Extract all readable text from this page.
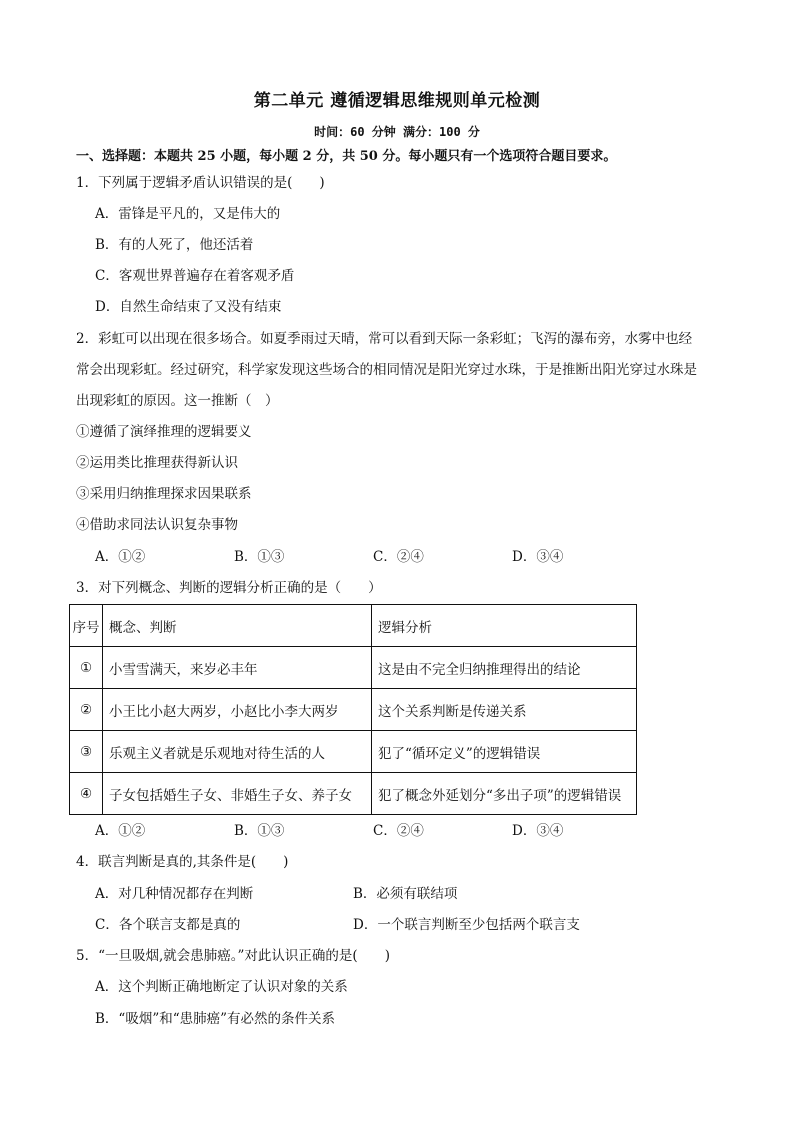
第二单元 遵循逻辑思维规则单元检测
时间：60 分钟 满分：100 分
一、选择题：本题共 25 小题，每小题 2 分，共 50 分。每小题只有一个选项符合题目要求。
1．下列属于逻辑矛盾认识错误的是(　　)
A．雷锋是平凡的，又是伟大的
B．有的人死了，他还活着
C．客观世界普遍存在着客观矛盾
D．自然生命结束了又没有结束
2．彩虹可以出现在很多场合。如夏季雨过天晴，常可以看到天际一条彩虹；飞泻的瀑布旁，水雾中也经
常会出现彩虹。经过研究，科学家发现这些场合的相同情况是阳光穿过水珠，于是推断出阳光穿过水珠是
出现彩虹的原因。这一推断（　）
①遵循了演绎推理的逻辑要义
②运用类比推理获得新认识
③采用归纳推理探求因果联系
④借助求同法认识复杂事物
A．①②	B．①③	C．②④	D．③④
3．对下列概念、判断的逻辑分析正确的是（　　）
序号	概念、判断	逻辑分析
①	小雪雪满天，来岁必丰年	这是由不完全归纳推理得出的结论
②	小王比小赵大两岁，小赵比小李大两岁	这个关系判断是传递关系
③	乐观主义者就是乐观地对待生活的人	犯了“循环定义”的逻辑错误
④	子女包括婚生子女、非婚生子女、养子女	犯了概念外延划分“多出子项”的逻辑错误
A．①②	B．①③	C．②④	D．③④
4．联言判断是真的,其条件是(　　)
A．对几种情况都存在判断	B．必须有联结项
C．各个联言支都是真的	D．一个联言判断至少包括两个联言支
5．“一旦吸烟,就会患肺癌。”对此认识正确的是(　　)
A．这个判断正确地断定了认识对象的关系
B．“吸烟”和“患肺癌”有必然的条件关系
